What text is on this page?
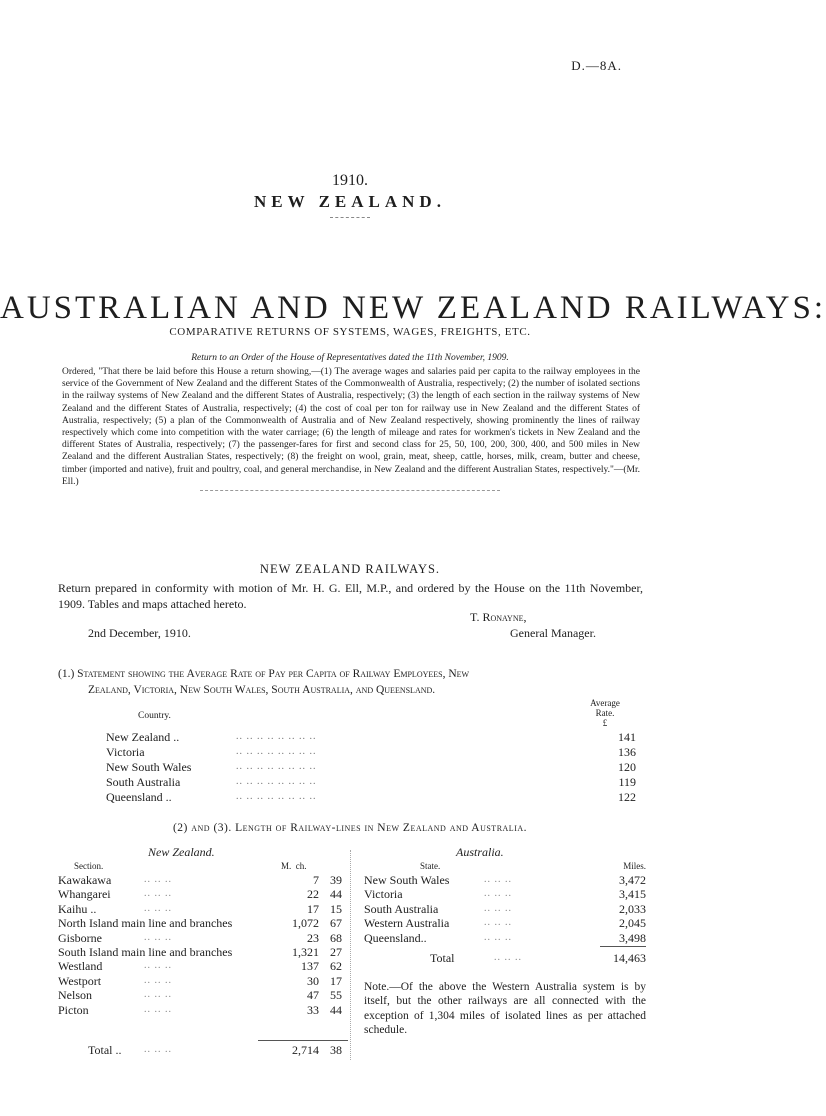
D.—8A.
1910.
NEW ZEALAND.
AUSTRALIAN AND NEW ZEALAND RAILWAYS:
COMPARATIVE RETURNS OF SYSTEMS, WAGES, FREIGHTS, ETC.
Return to an Order of the House of Representatives dated the 11th November, 1909.
Ordered, "That there be laid before this House a return showing,—(1) The average wages and salaries paid per capita to the railway employees in the service of the Government of New Zealand and the different States of the Commonwealth of Australia, respectively; (2) the number of isolated sections in the railway systems of New Zealand and the different States of Australia, respectively; (3) the length of each section in the railway systems of New Zealand and the different States of Australia, respectively; (4) the cost of coal per ton for railway use in New Zealand and the different States of Australia, respectively; (5) a plan of the Commonwealth of Australia and of New Zealand respectively, showing prominently the lines of railway respectively which come into competition with the water carriage; (6) the length of mileage and rates for workmen's tickets in New Zealand and the different States of Australia, respectively; (7) the passenger-fares for first and second class for 25, 50, 100, 200, 300, 400, and 500 miles in New Zealand and the different Australian States, respectively; (8) the freight on wool, grain, meat, sheep, cattle, horses, milk, cream, butter and cheese, timber (imported and native), fruit and poultry, coal, and general merchandise, in New Zealand and the different Australian States, respectively."—(Mr. Ell.)
NEW ZEALAND RAILWAYS.
Return prepared in conformity with motion of Mr. H. G. Ell, M.P., and ordered by the House on the 11th November, 1909. Tables and maps attached hereto.
T. Ronayne,
2nd December, 1910.	General Manager.
(1.) Statement showing the Average Rate of Pay per Capita of Railway Employees, New
Zealand, Victoria, New South Wales, South Australia, and Queensland.
Average
Rate.
£
Country.
New Zealand ..	.. .. .. .. .. .. .. ..	141
Victoria	.. .. .. .. .. .. .. ..	136
New South Wales	.. .. .. .. .. .. .. ..	120
South Australia	.. .. .. .. .. .. .. ..	119
Queensland ..	.. .. .. .. .. .. .. ..	122
(2) and (3). Length of Railway-lines in New Zealand and Australia.
New Zealand.	Australia.
Section.	M. ch.	State.	Miles.
Kawakawa	.. .. ..	7 39
Whangarei	.. .. ..	22 44
Kaihu ..	.. .. ..	17 15
North Island main line and branches	1,072 67
Gisborne	.. .. ..	23 68
South Island main line and branches	1,321 27
Westland	.. .. ..	137 62
Westport	.. .. ..	30 17
Nelson	.. .. ..	47 55
Picton	.. .. ..	33 44
Total .. .. .. ..	2,714 38
New South Wales	.. .. ..	3,472
Victoria	.. .. ..	3,415
South Australia	.. .. ..	2,033
Western Australia	.. .. ..	2,045
Queensland..	.. .. ..	3,498
Total	.. .. ..	14,463
Note.—Of the above the Western Australia system is by itself, but the other railways are all connected with the exception of 1,304 miles of isolated lines as per attached schedule.
